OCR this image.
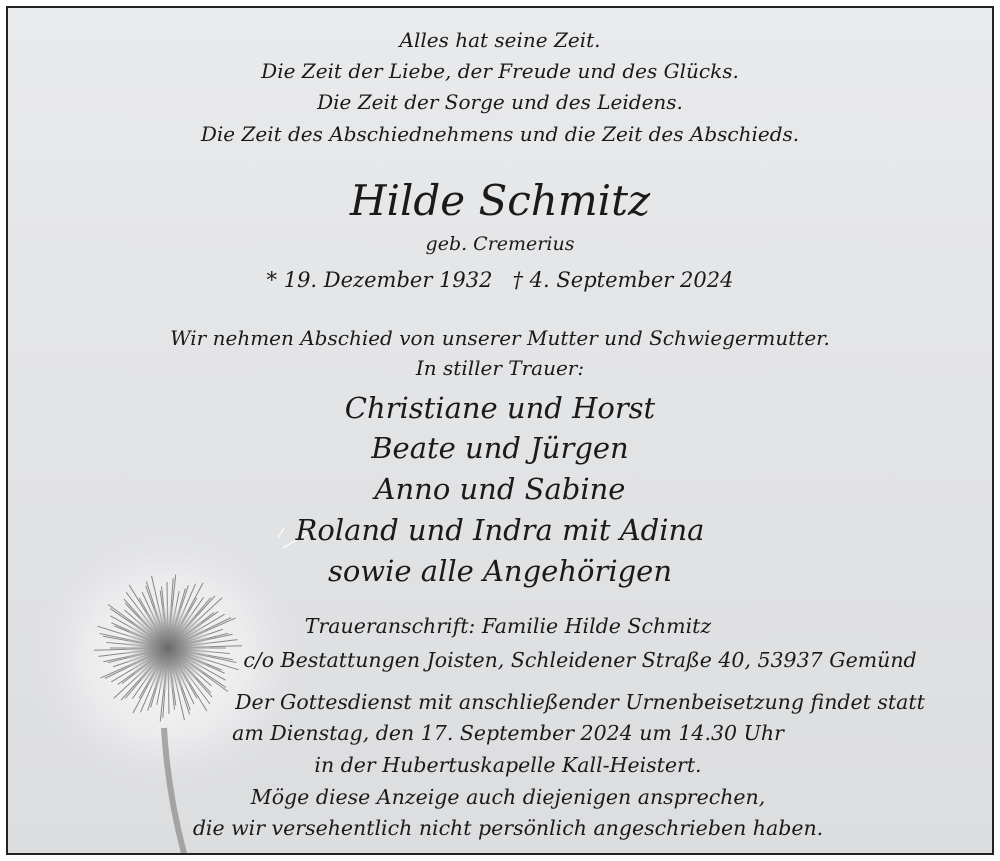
Alles hat seine Zeit.
Die Zeit der Liebe, der Freude und des Glücks.
Die Zeit der Sorge und des Leidens.
Die Zeit des Abschiednehmens und die Zeit des Abschieds.
Hilde Schmitz
geb. Cremerius
* 19. Dezember 1932   † 4. September 2024
Wir nehmen Abschied von unserer Mutter und Schwiegermutter.
In stiller Trauer:
Christiane und Horst
Beate und Jürgen
Anno und Sabine
Roland und Indra mit Adina
sowie alle Angehörigen
Traueranschrift: Familie Hilde Schmitz
c/o Bestattungen Joisten, Schleidener Straße 40, 53937 Gemünd
Der Gottesdienst mit anschließender Urnenbeisetzung findet statt
am Dienstag, den 17. September 2024 um 14.30 Uhr
in der Hubertuskapelle Kall-Heistert.
Möge diese Anzeige auch diejenigen ansprechen,
die wir versehentlich nicht persönlich angeschrieben haben.
